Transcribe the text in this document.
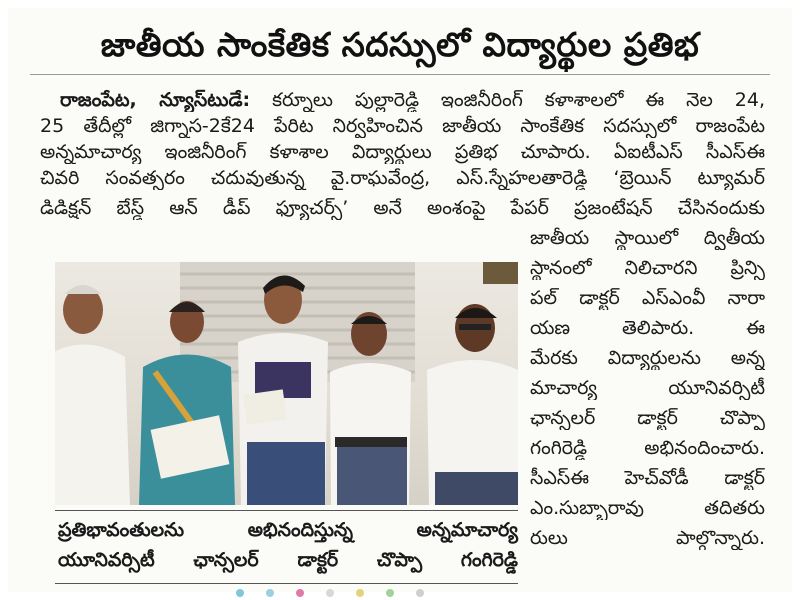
జాతీయ సాంకేతిక సదస్సులో విద్యార్థుల ప్రతిభ
రాజంపేట, న్యూస్‌టుడే: కర్నూలు పుల్లారెడ్డి ఇంజినీరింగ్ కళాశాలలో ఈ నెల 24,
25 తేదీల్లో జిగ్నాస-2కే24 పేరిట నిర్వహించిన జాతీయ సాంకేతిక సదస్సులో రాజంపేట
అన్నమాచార్య ఇంజినీరింగ్ కళాశాల విద్యార్థులు ప్రతిభ చూపారు. ఏఐటీఎస్ సీఎస్ఈ
చివరి సంవత్సరం చదువుతున్న వై.రాఘవేంద్ర, ఎస్.స్నేహలతారెడ్డి ‘బ్రెయిన్ ట్యూమర్
డిడిక్షన్ బేస్డ్ ఆన్ డీప్ ఫ్యూచర్స్’ అనే అంశంపై పేపర్ ప్రజంటేషన్ చేసినందుకు
జాతీయ స్థాయిలో ద్వితీయ
స్థానంలో నిలిచారని ప్రిన్సి
పల్ డాక్టర్ ఎస్ఎంవీ నారా
యణ తెలిపారు. ఈ
మేరకు విద్యార్థులను అన్న
మాచార్య యూనివర్సిటీ
ఛాన్సలర్ డాక్టర్ చొప్పా
గంగిరెడ్డి అభినందించారు.
సీఎస్ఈ హెచ్‌వోడీ డాక్టర్
ఎం.సుబ్బారావు తదితరు
రులు పాల్గొన్నారు.
ప్రతిభావంతులను అభినందిస్తున్న అన్నమాచార్య
యూనివర్సిటీ ఛాన్సలర్ డాక్టర్ చొప్పా గంగిరెడ్డి
